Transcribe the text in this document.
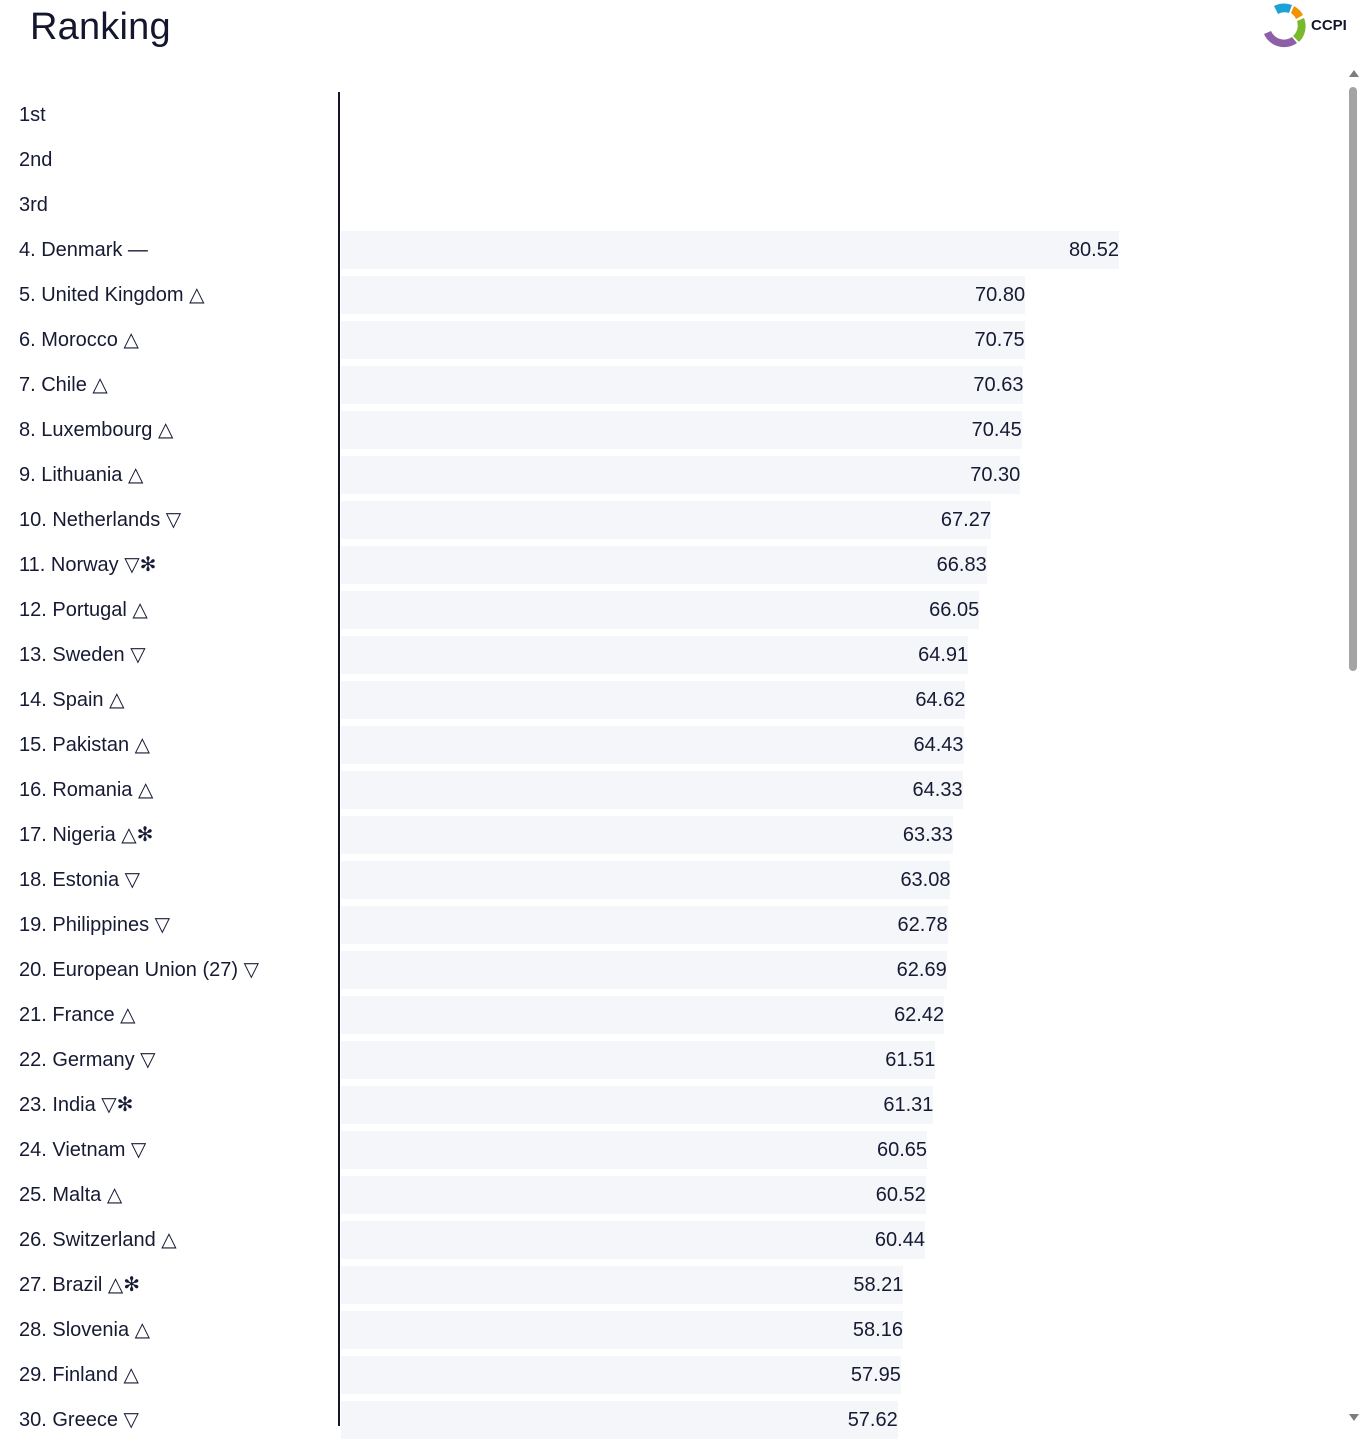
Ranking	CCPI
1st
2nd
3rd
4. Denmark —	80.52
5. United Kingdom △	70.80
6. Morocco △	70.75
7. Chile △	70.63
8. Luxembourg △	70.45
9. Lithuania △	70.30
10. Netherlands ▽	67.27
11. Norway ▽✻	66.83
12. Portugal △	66.05
13. Sweden ▽	64.91
14. Spain △	64.62
15. Pakistan △	64.43
16. Romania △	64.33
17. Nigeria △✻	63.33
18. Estonia ▽	63.08
19. Philippines ▽	62.78
20. European Union (27) ▽	62.69
21. France △	62.42
22. Germany ▽	61.51
23. India ▽✻	61.31
24. Vietnam ▽	60.65
25. Malta △	60.52
26. Switzerland △	60.44
27. Brazil △✻	58.21
28. Slovenia △	58.16
29. Finland △	57.95
30. Greece ▽	57.62
